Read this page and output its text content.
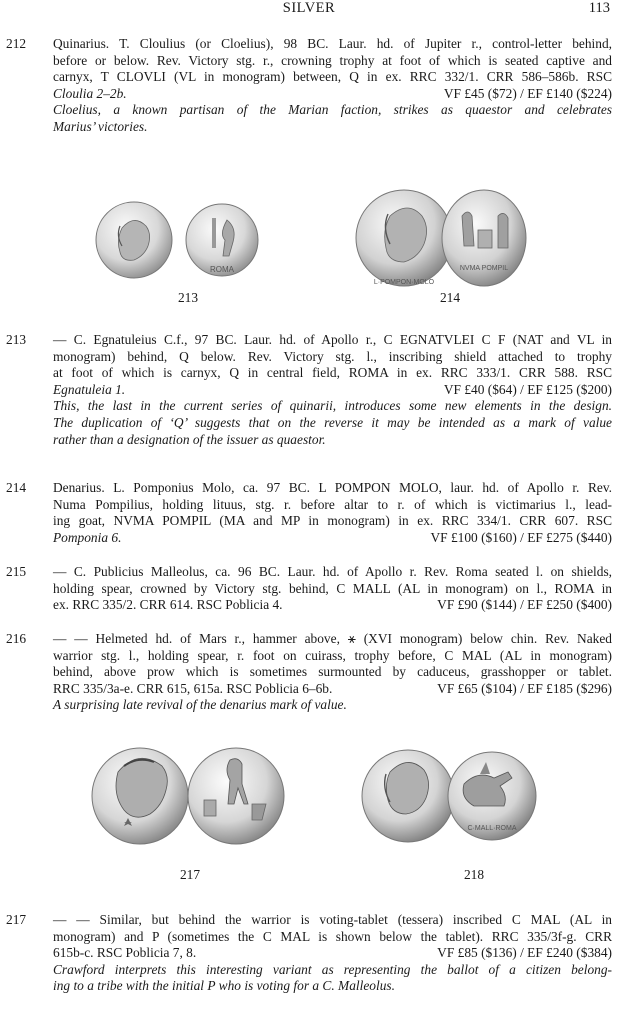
SILVER	113
212	Quinarius. T. Cloulius (or Cloelius), 98 BC. Laur. hd. of Jupiter r., control-letter behind,
before or below. Rev. Victory stg. r., crowning trophy at foot of which is seated captive and
carnyx, T CLOVLI (VL in monogram) between, Q in ex. RRC 332/1. CRR 586–586b. RSC
Cloulia 2–2b.	VF £45 ($72) / EF £140 ($224)
Cloelius, a known partisan of the Marian faction, strikes as quaestor and celebrates
Marius’ victories.
ROMA
L·POMPON·MOLO
NVMA POMPIL
213	214
213	— C. Egnatuleius C.f., 97 BC. Laur. hd. of Apollo r., C EGNATVLEI C F (NAT and VL in
monogram) behind, Q below. Rev. Victory stg. l., inscribing shield attached to trophy
at foot of which is carnyx, Q in central field, ROMA in ex. RRC 333/1. CRR 588. RSC
Egnatuleia 1.	VF £40 ($64) / EF £125 ($200)
This, the last in the current series of quinarii, introduces some new elements in the design.
The duplication of ‘Q’ suggests that on the reverse it may be intended as a mark of value
rather than a designation of the issuer as quaestor.
214	Denarius. L. Pomponius Molo, ca. 97 BC. L POMPON MOLO, laur. hd. of Apollo r. Rev.
Numa Pompilius, holding lituus, stg. r. before altar to r. of which is victimarius l., lead-
ing goat, NVMA POMPIL (MA and MP in monogram) in ex. RRC 334/1. CRR 607. RSC
Pomponia 6.	VF £100 ($160) / EF £275 ($440)
215	— C. Publicius Malleolus, ca. 96 BC. Laur. hd. of Apollo r. Rev. Roma seated l. on shields,
holding spear, crowned by Victory stg. behind, C MALL (AL in monogram) on l., ROMA in
ex. RRC 335/2. CRR 614. RSC Poblicia 4.	VF £90 ($144) / EF £250 ($400)
216	— — Helmeted hd. of Mars r., hammer above, ⚹ (XVI monogram) below chin. Rev. Naked
warrior stg. l., holding spear, r. foot on cuirass, trophy before, C MAL (AL in monogram)
behind, above prow which is sometimes surmounted by caduceus, grasshopper or tablet.
RRC 335/3a-e. CRR 615, 615a. RSC Poblicia 6–6b.	VF £65 ($104) / EF £185 ($296)
A surprising late revival of the denarius mark of value.
C·MALL·ROMA
217	218
217	— — Similar, but behind the warrior is voting-tablet (tessera) inscribed C MAL (AL in
monogram) and P (sometimes the C MAL is shown below the tablet). RRC 335/3f-g. CRR
615b-c. RSC Poblicia 7, 8.	VF £85 ($136) / EF £240 ($384)
Crawford interprets this interesting variant as representing the ballot of a citizen belong-
ing to a tribe with the initial P who is voting for a C. Malleolus.
